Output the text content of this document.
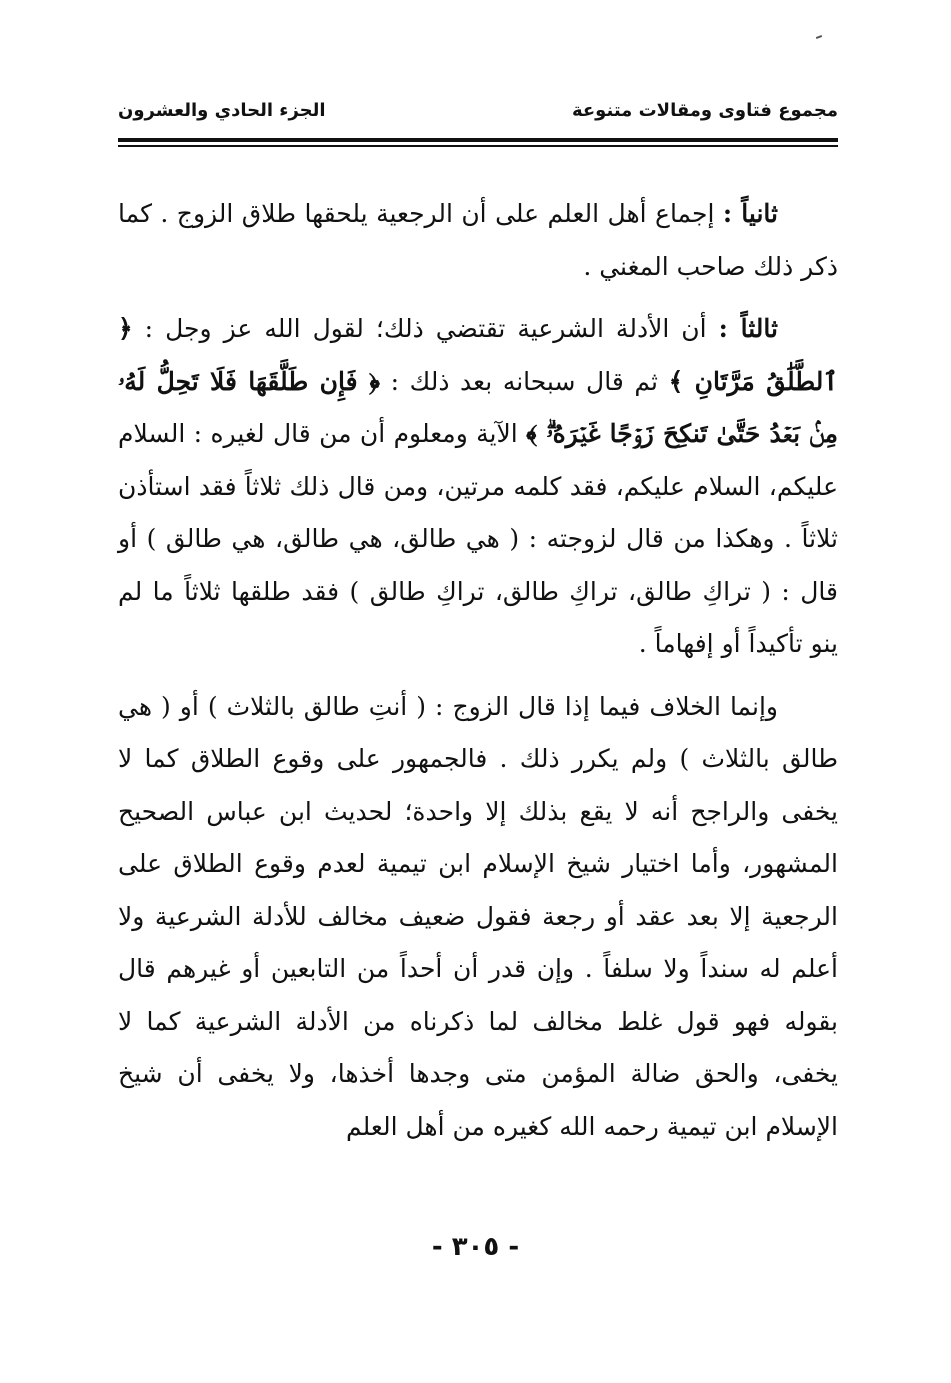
مجموع فتاوى ومقالات متنوعة
الجزء الحادي والعشرون

ثانياً : إجماع أهل العلم على أن الرجعية يلحقها طلاق الزوج . كما ذكر ذلك صاحب المغني .

ثالثاً : أن الأدلة الشرعية تقتضي ذلك؛ لقول الله عز وجل : ﴿ ٱلطَّلَٰقُ مَرَّتَانِ ﴾ ثم قال سبحانه بعد ذلك : ﴿ فَإِن طَلَّقَهَا فَلَا تَحِلُّ لَهُۥ مِنۢ بَعۡدُ حَتَّىٰ تَنكِحَ زَوۡجًا غَيۡرَهُۥۗ ﴾ الآية ومعلوم أن من قال لغيره : السلام عليكم، السلام عليكم، فقد كلمه مرتين، ومن قال ذلك ثلاثاً فقد استأذن ثلاثاً . وهكذا من قال لزوجته : ( هي طالق، هي طالق، هي طالق ) أو قال : ( تراكِ طالق، تراكِ طالق، تراكِ طالق ) فقد طلقها ثلاثاً ما لم ينو تأكيداً أو إفهاماً .

وإنما الخلاف فيما إذا قال الزوج : ( أنتِ طالق بالثلاث ) أو ( هي طالق بالثلاث ) ولم يكرر ذلك . فالجمهور على وقوع الطلاق كما لا يخفى والراجح أنه لا يقع بذلك إلا واحدة؛ لحديث ابن عباس الصحيح المشهور، وأما اختيار شيخ الإسلام ابن تيمية لعدم وقوع الطلاق على الرجعية إلا بعد عقد أو رجعة فقول ضعيف مخالف للأدلة الشرعية ولا أعلم له سنداً ولا سلفاً . وإن قدر أن أحداً من التابعين أو غيرهم قال بقوله فهو قول غلط مخالف لما ذكرناه من الأدلة الشرعية كما لا يخفى، والحق ضالة المؤمن متى وجدها أخذها، ولا يخفى أن شيخ الإسلام ابن تيمية رحمه الله كغيره من أهل العلم

- ٣٠٥ -
